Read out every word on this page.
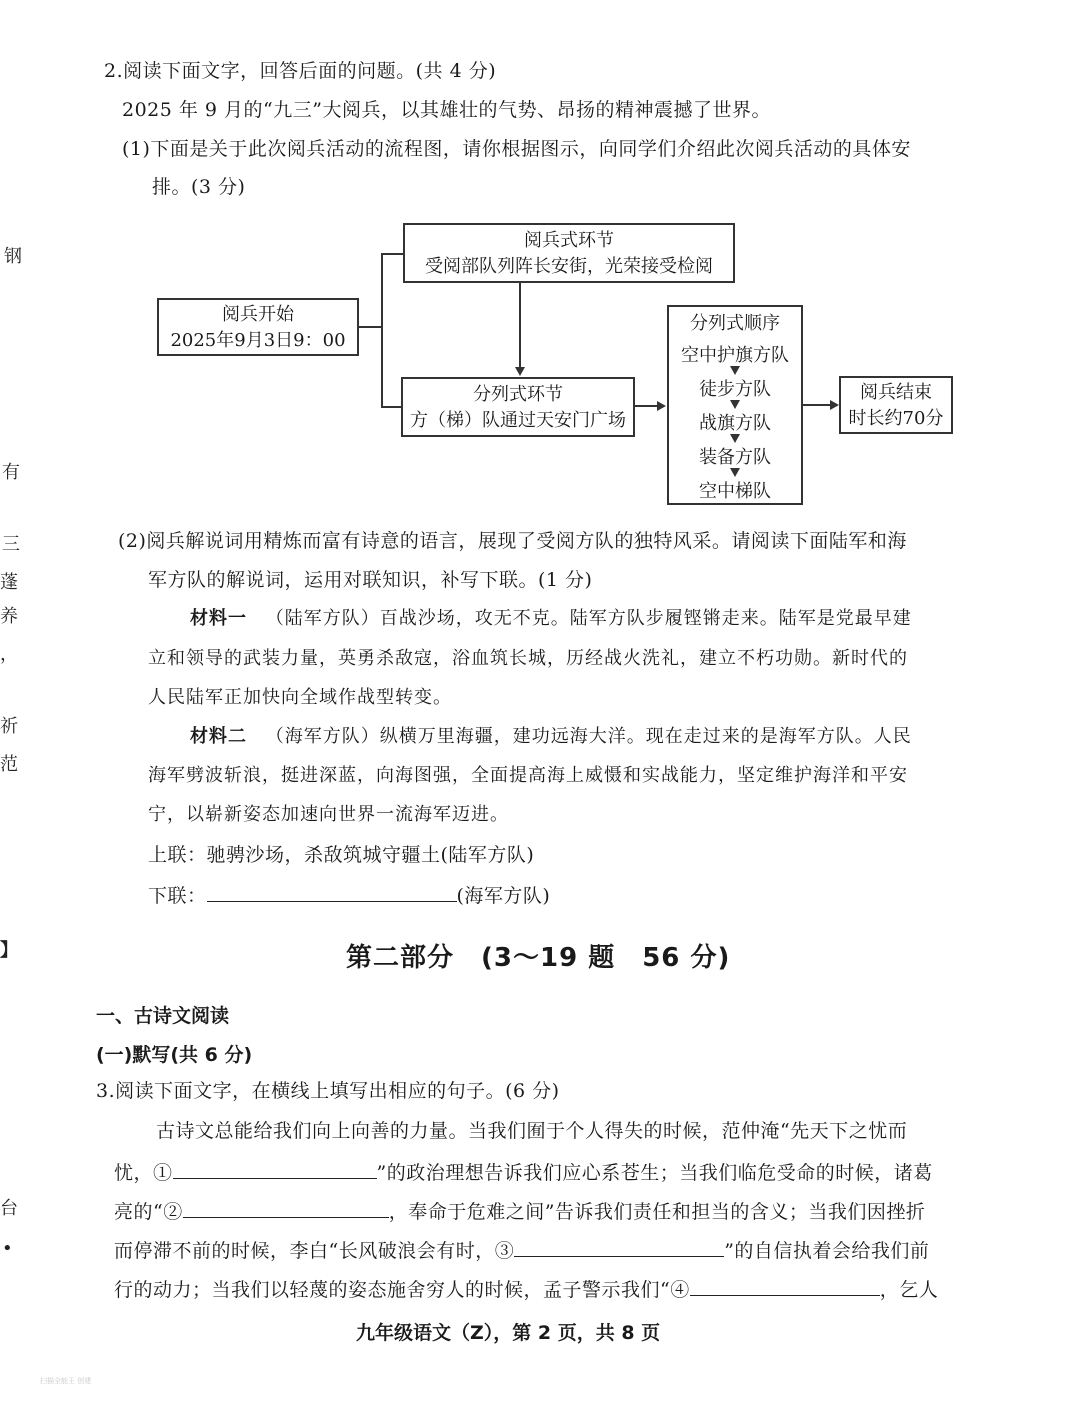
钢
有
三
蓬
养
，
祈
范
】
台
•
2.阅读下面文字，回答后面的问题。(共 4 分)
2025 年 9 月的“九三”大阅兵，以其雄壮的气势、昂扬的精神震撼了世界。
(1)下面是关于此次阅兵活动的流程图，请你根据图示，向同学们介绍此次阅兵活动的具体安
排。(3 分)
阅兵开始
2025年9月3日9：00
阅兵式环节
受阅部队列阵长安街，光荣接受检阅
分列式环节
方（梯）队通过天安门广场
分列式顺序
空中护旗方队
徒步方队
战旗方队
装备方队
空中梯队
阅兵结束
时长约70分
(2)阅兵解说词用精炼而富有诗意的语言，展现了受阅方队的独特风采。请阅读下面陆军和海
军方队的解说词，运用对联知识，补写下联。(1 分)
材料一 （陆军方队）百战沙场，攻无不克。陆军方队步履铿锵走来。陆军是党最早建
立和领导的武装力量，英勇杀敌寇，浴血筑长城，历经战火洗礼，建立不朽功勋。新时代的
人民陆军正加快向全域作战型转变。
材料二 （海军方队）纵横万里海疆，建功远海大洋。现在走过来的是海军方队。人民
海军劈波斩浪，挺进深蓝，向海图强，全面提高海上威慑和实战能力，坚定维护海洋和平安
宁，以崭新姿态加速向世界一流海军迈进。
上联：驰骋沙场，杀敌筑城守疆土(陆军方队)
下联：	(海军方队)
第二部分　(3～19 题　56 分)
一、古诗文阅读
(一)默写(共 6 分)
3.阅读下面文字，在横线上填写出相应的句子。(6 分)
古诗文总能给我们向上向善的力量。当我们囿于个人得失的时候，范仲淹“先天下之忧而
忧，①	”的政治理想告诉我们应心系苍生；当我们临危受命的时候，诸葛
亮的“②	，奉命于危难之间”告诉我们责任和担当的含义；当我们因挫折
而停滞不前的时候，李白“长风破浪会有时，③	”的自信执着会给我们前
行的动力；当我们以轻蔑的姿态施舍穷人的时候，孟子警示我们“④	，乞人
九年级语文（Z），第 2 页，共 8 页
扫描全能王 创建
